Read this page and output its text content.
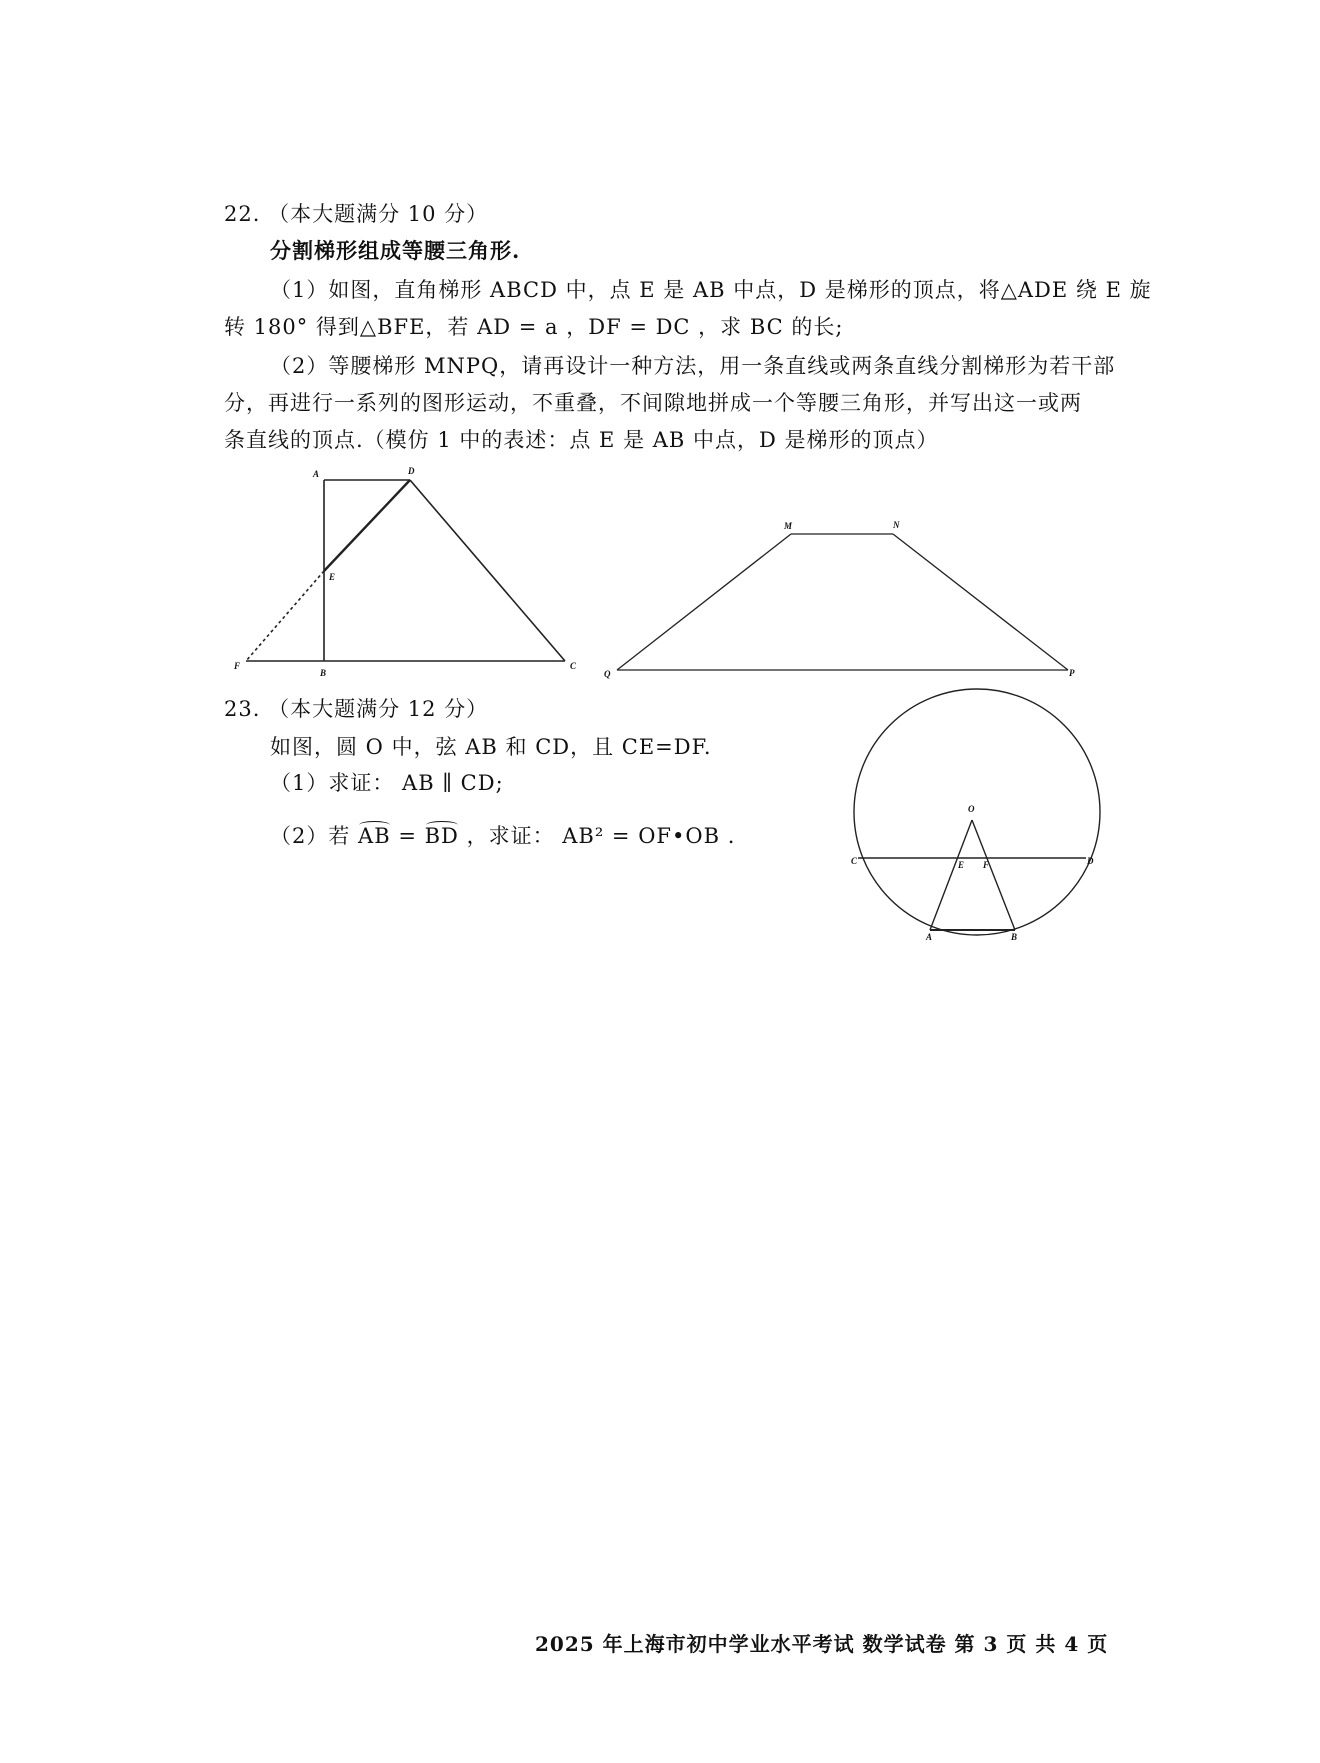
22. （本大题满分 10 分）
分割梯形组成等腰三角形.
（1）如图，直角梯形 ABCD 中，点 E 是 AB 中点，D 是梯形的顶点，将△ADE 绕 E 旋
转 180° 得到△BFE，若 AD = a ，DF = DC ，求 BC 的长;
（2）等腰梯形 MNPQ，请再设计一种方法，用一条直线或两条直线分割梯形为若干部
分，再进行一系列的图形运动，不重叠，不间隙地拼成一个等腰三角形，并写出这一或两
条直线的顶点.（模仿 1 中的表述：点 E 是 AB 中点，D 是梯形的顶点）
A	D
E
F
B
C
M	N
Q	P
O
C	E F	D
A	B
23. （本大题满分 12 分）
如图，圆 O 中，弦 AB 和 CD，且 CE=DF.
（1）求证： AB ∥ CD;
（2）若 AB = BD ，求证： AB² = OF•OB .
2025 年上海市初中学业水平考试 数学试卷 第 3 页 共 4 页
